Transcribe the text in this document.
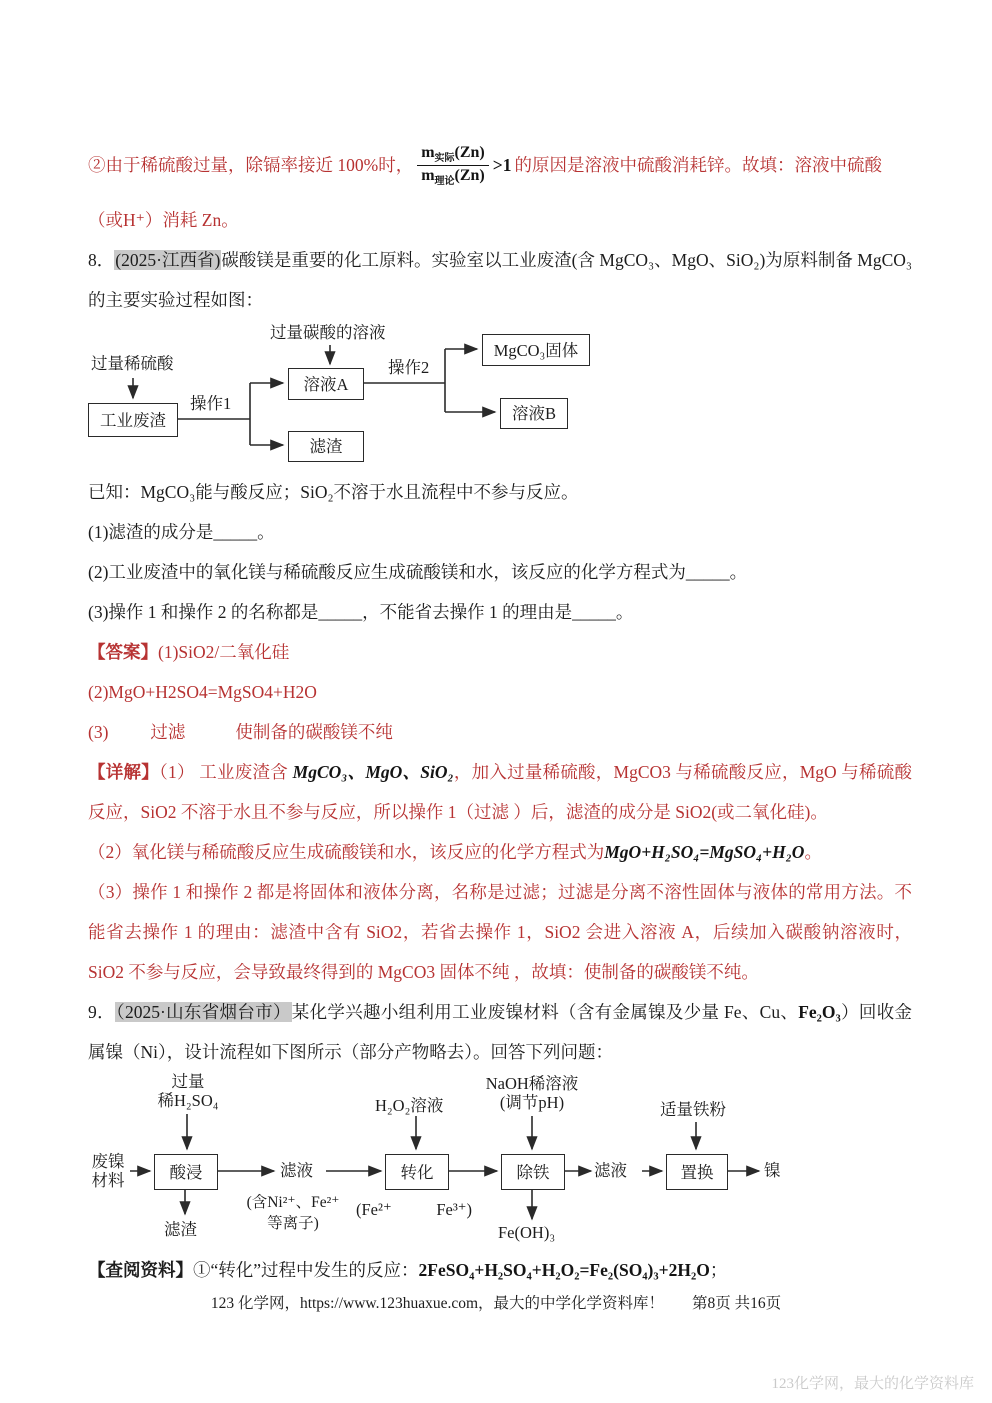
②由于稀硫酸过量，除镉率接近 100%时， $\frac{m_{实际}(Zn)}{m_{理论}(Zn)} >1$ 的原因是溶液中硫酸消耗锌。故填：溶液中硫酸
（或H⁺）消耗 Zn。
8．(2025·江西省)碳酸镁是重要的化工原料。实验室以工业废渣(含 MgCO₃、MgO、SiO₂)为原料制备 MgCO₃的主要实验过程如图：
过量稀硫酸
过量碳酸的溶液
工业废渣
操作1
溶液A
滤渣
操作2
MgCO₃固体
溶液B
已知：MgCO₃能与酸反应；SiO₂不溶于水且流程中不参与反应。
(1)滤渣的成分是_____。
(2)工业废渣中的氧化镁与稀硫酸反应生成硫酸镁和水，该反应的化学方程式为_____。
(3)操作 1 和操作 2 的名称都是_____，不能省去操作 1 的理由是_____。
【答案】(1)SiO2/二氧化硅
(2)MgO+H2SO4=MgSO4+H2O
(3) 过滤	使制备的碳酸镁不纯
【详解】（1） 工业废渣含 MgCO₃、MgO、SiO₂，加入过量稀硫酸，MgCO3 与稀硫酸反应，MgO 与稀硫酸反应，SiO2 不溶于水且不参与反应，所以操作 1（过滤 ）后，滤渣的成分是 SiO2(或二氧化硅)。
（2）氧化镁与稀硫酸反应生成硫酸镁和水，该反应的化学方程式为MgO+H₂SO₄=MgSO₄+H₂O。
（3）操作 1 和操作 2 都是将固体和液体分离，名称是过滤；过滤是分离不溶性固体与液体的常用方法。不能省去操作 1 的理由：滤渣中含有 SiO2，若省去操作 1，SiO2 会进入溶液 A，后续加入碳酸钠溶液时，SiO2 不参与反应，会导致最终得到的 MgCO3 固体不纯 ，故填：使制备的碳酸镁不纯。
9．（2025·山东省烟台市）某化学兴趣小组利用工业废镍材料（含有金属镍及少量 Fe、Cu、Fe₂O₃）回收金属镍（Ni），设计流程如下图所示（部分产物略去）。回答下列问题：
过量
稀H₂SO₄
废镍
材料	酸浸
滤渣
滤液
(含Ni²⁺、Fe²⁺
等离子)
H₂O₂溶液
转化
(Fe²⁺	Fe³⁺)
NaOH稀溶液
(调节pH)
除铁
Fe(OH)₃
滤液
适量铁粉
置换	镍
【查阅资料】①“转化”过程中发生的反应：2FeSO₄+H₂SO₄+H₂O₂=Fe₂(SO₄)₃+2H₂O；
123 化学网，https://www.123huaxue.com，最大的中学化学资料库！ 第8页 共16页
123化学网，最大的化学资料库
